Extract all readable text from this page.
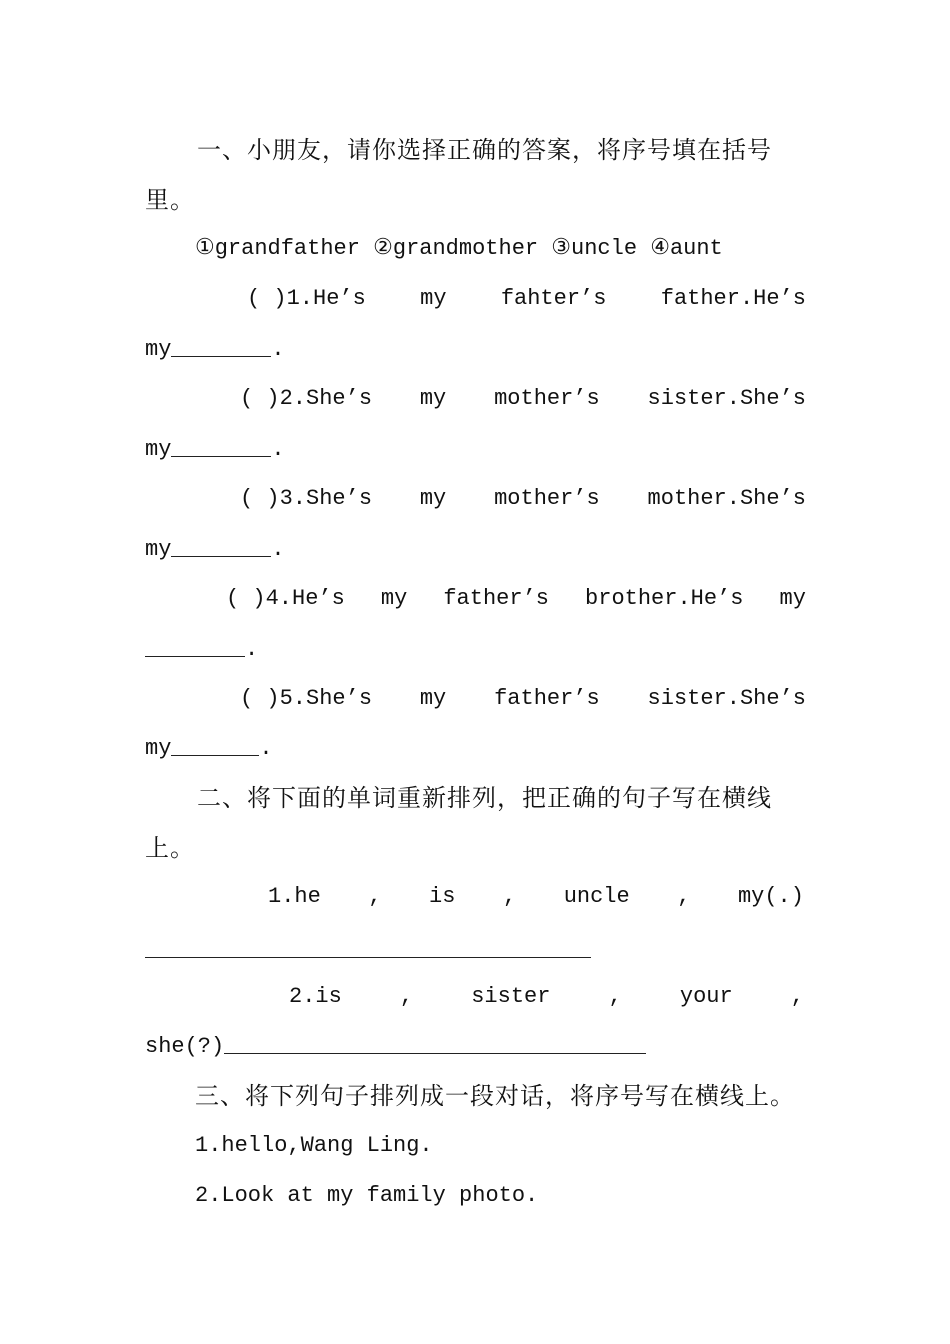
一、小朋友，请你选择正确的答案，将序号填在括号
里。
①grandfather ②grandmother ③uncle ④aunt
( )1.He’s my fahter’s father.He’s
my	.
( )2.She’s my mother’s sister.She’s
my	.
( )3.She’s my mother’s mother.She’s
my	.
( )4.He’s my father’s brother.He’s my
.
( )5.She’s my father’s sister.She’s
my	.
二、将下面的单词重新排列，把正确的句子写在横线
上。
1.he , is , uncle , my(.)
2.is	,	sister	,	your	,
she(?)
三、将下列句子排列成一段对话，将序号写在横线上。
1.hello,Wang Ling.
2.Look at my family photo.
